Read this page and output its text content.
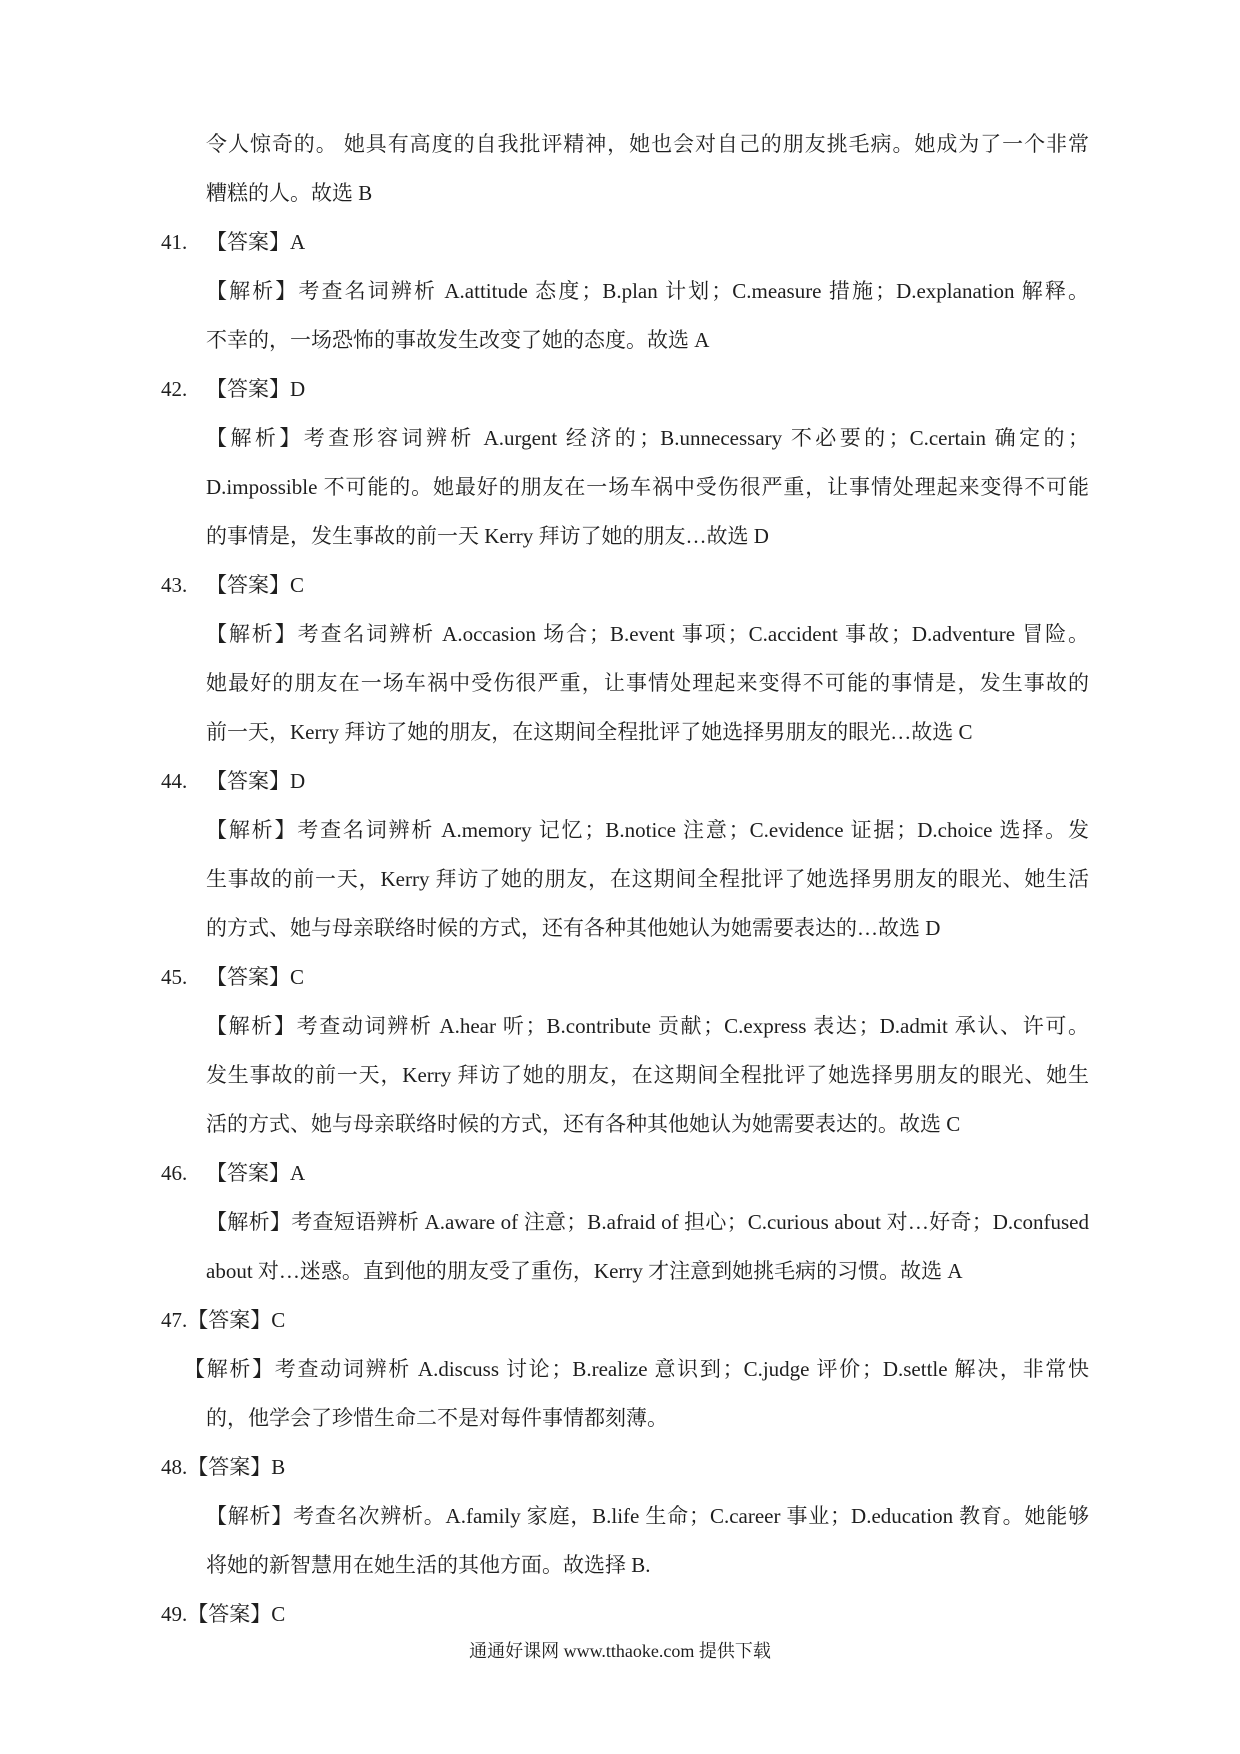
令人惊奇的。 她具有高度的自我批评精神，她也会对自己的朋友挑毛病。她成为了一个非常
糟糕的人。故选 B
41. 【答案】A
【解析】考查名词辨析 A.attitude 态度；B.plan 计划；C.measure 措施；D.explanation 解释。
不幸的，一场恐怖的事故发生改变了她的态度。故选 A
42. 【答案】D
【解析】考查形容词辨析 A.urgent 经济的；B.unnecessary 不必要的；C.certain 确定的；
D.impossible 不可能的。她最好的朋友在一场车祸中受伤很严重，让事情处理起来变得不可能
的事情是，发生事故的前一天 Kerry 拜访了她的朋友…故选 D
43. 【答案】C
【解析】考查名词辨析 A.occasion 场合；B.event 事项；C.accident 事故；D.adventure 冒险。
她最好的朋友在一场车祸中受伤很严重，让事情处理起来变得不可能的事情是，发生事故的
前一天，Kerry 拜访了她的朋友，在这期间全程批评了她选择男朋友的眼光…故选 C
44. 【答案】D
【解析】考查名词辨析 A.memory 记忆；B.notice 注意；C.evidence 证据；D.choice 选择。发
生事故的前一天，Kerry 拜访了她的朋友，在这期间全程批评了她选择男朋友的眼光、她生活
的方式、她与母亲联络时候的方式，还有各种其他她认为她需要表达的…故选 D
45. 【答案】C
【解析】考查动词辨析 A.hear 听；B.contribute 贡献；C.express 表达；D.admit 承认、许可。
发生事故的前一天，Kerry 拜访了她的朋友，在这期间全程批评了她选择男朋友的眼光、她生
活的方式、她与母亲联络时候的方式，还有各种其他她认为她需要表达的。故选 C
46. 【答案】A
【解析】考查短语辨析 A.aware of 注意；B.afraid of 担心；C.curious about 对…好奇；D.confused
about 对…迷惑。直到他的朋友受了重伤，Kerry 才注意到她挑毛病的习惯。故选 A
47.【答案】C
【解析】考查动词辨析 A.discuss 讨论；B.realize 意识到；C.judge 评价；D.settle 解决，非常快
的，他学会了珍惜生命二不是对每件事情都刻薄。
48.【答案】B
【解析】考查名次辨析。A.family 家庭，B.life 生命；C.career 事业；D.education 教育。她能够
将她的新智慧用在她生活的其他方面。故选择 B.
49.【答案】C
通通好课网 www.tthaoke.com 提供下载
